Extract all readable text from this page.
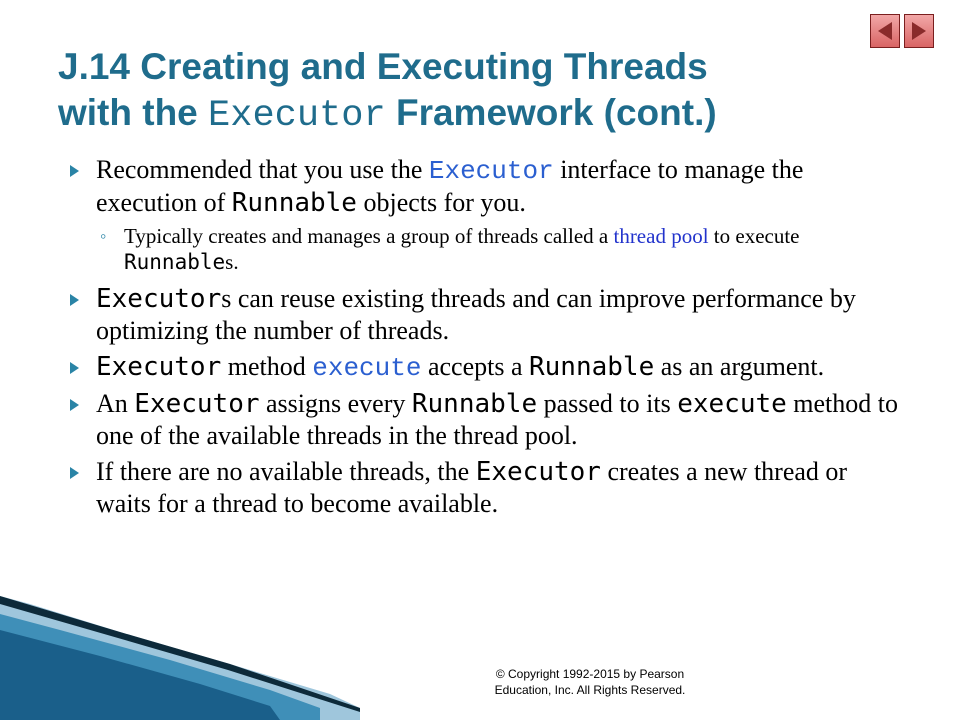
J.14 Creating and Executing Threads
with the Executor Framework (cont.)
Recommended that you use the Executor interface to manage the execution of Runnable objects for you.
◦ Typically creates and manages a group of threads called a thread pool to execute Runnables.
Executors can reuse existing threads and can improve performance by optimizing the number of threads.
Executor method execute accepts a Runnable as an argument.
An Executor assigns every Runnable passed to its execute method to one of the available threads in the thread pool.
If there are no available threads, the Executor creates a new thread or waits for a thread to become available.
© Copyright 1992-2015 by Pearson
Education, Inc. All Rights Reserved.
